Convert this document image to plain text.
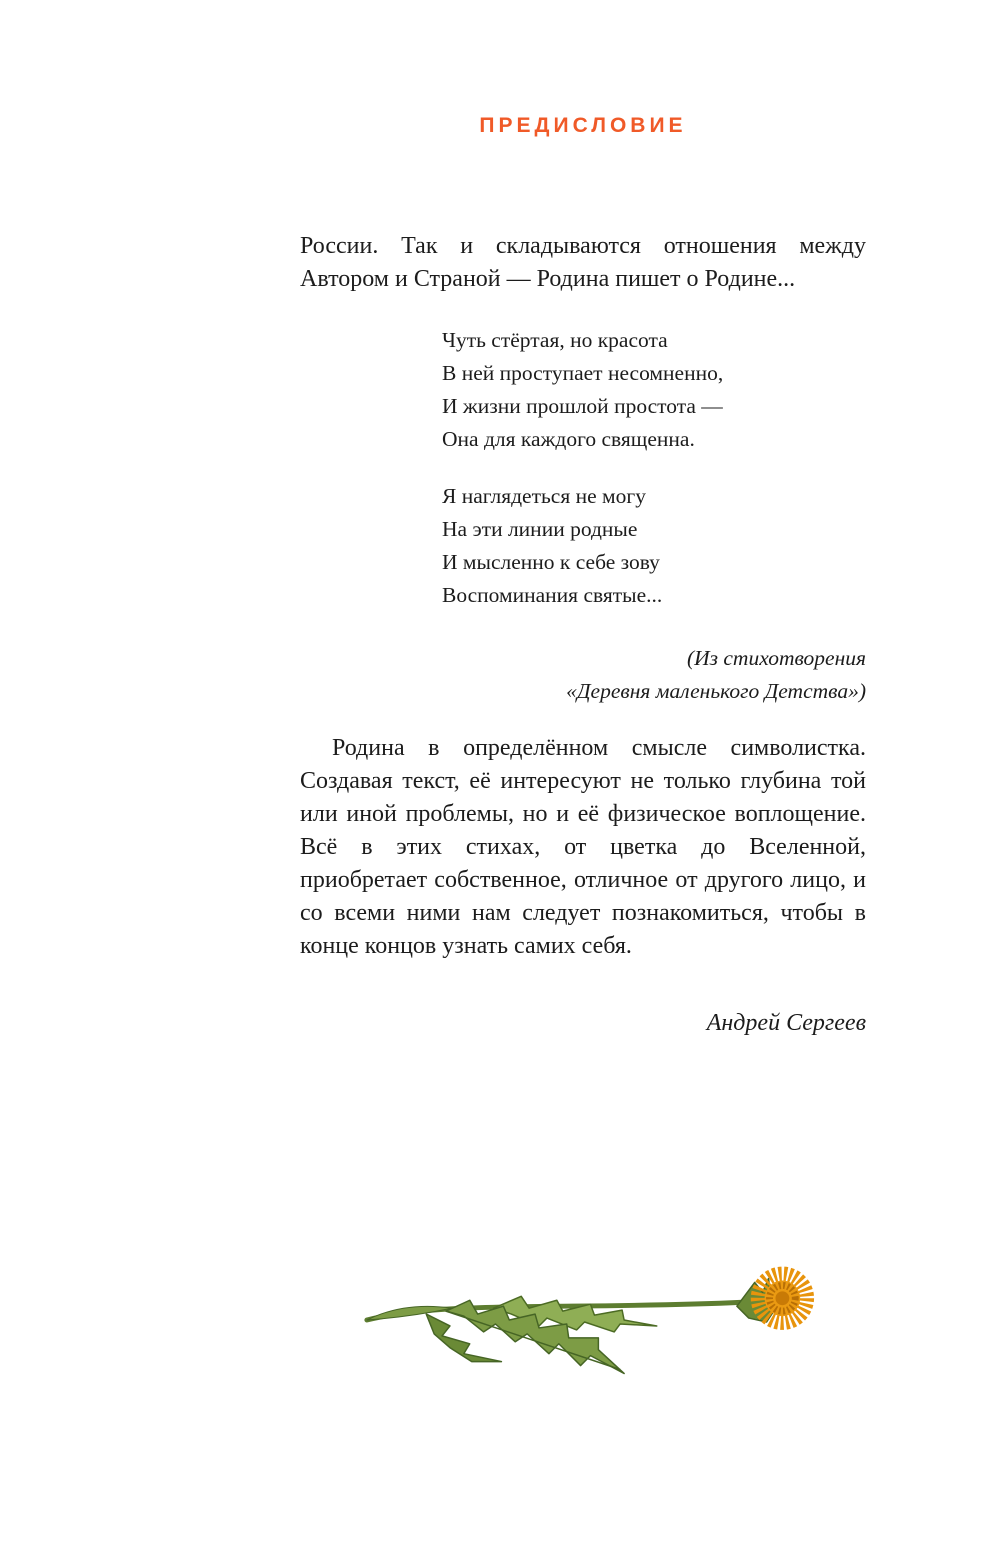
ПРЕДИСЛОВИЕ

России. Так и складываются отношения между Автором и Страной — Родина пишет о Родине...

Чуть стёртая, но красота
В ней проступает несомненно,
И жизни прошлой простота —
Она для каждого священна.
Я наглядеться не могу
На эти линии родные
И мысленно к себе зову
Воспоминания святые...
(Из стихотворения
«Деревня маленького Детства»)

Родина в определённом смысле символистка. Создавая текст, её интересуют не только глубина той или иной проблемы, но и её физическое воплощение. Всё в этих стихах, от цветка до Вселенной, приобретает собственное, отличное от другого лицо, и со всеми ними нам следует познакомиться, чтобы в конце концов узнать самих себя.

Андрей Сергеев
